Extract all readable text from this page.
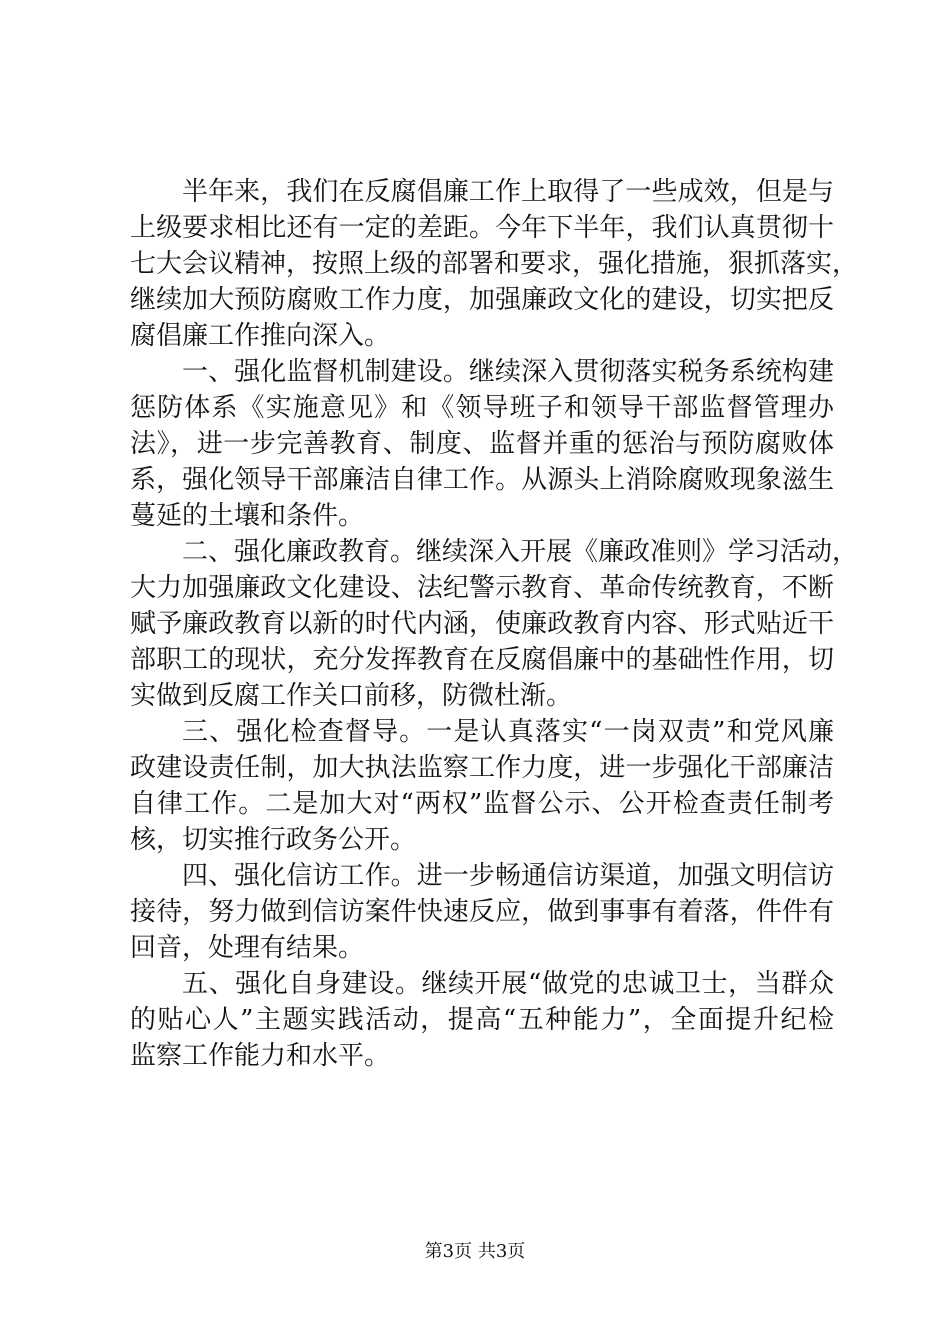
半年来，我们在反腐倡廉工作上取得了一些成效，但是与
上级要求相比还有一定的差距。今年下半年，我们认真贯彻十
七大会议精神，按照上级的部署和要求，强化措施，狠抓落实，
继续加大预防腐败工作力度，加强廉政文化的建设，切实把反
腐倡廉工作推向深入。
一、强化监督机制建设。继续深入贯彻落实税务系统构建
惩防体系《实施意见》和《领导班子和领导干部监督管理办
法》，进一步完善教育、制度、监督并重的惩治与预防腐败体
系，强化领导干部廉洁自律工作。从源头上消除腐败现象滋生
蔓延的土壤和条件。
二、强化廉政教育。继续深入开展《廉政准则》学习活动，
大力加强廉政文化建设、法纪警示教育、革命传统教育，不断
赋予廉政教育以新的时代内涵，使廉政教育内容、形式贴近干
部职工的现状，充分发挥教育在反腐倡廉中的基础性作用，切
实做到反腐工作关口前移，防微杜渐。
三、强化检查督导。一是认真落实“一岗双责”和党风廉
政建设责任制，加大执法监察工作力度，进一步强化干部廉洁
自律工作。二是加大对“两权”监督公示、公开检查责任制考
核，切实推行政务公开。
四、强化信访工作。进一步畅通信访渠道，加强文明信访
接待，努力做到信访案件快速反应，做到事事有着落，件件有
回音，处理有结果。
五、强化自身建设。继续开展“做党的忠诚卫士，当群众
的贴心人”主题实践活动，提高“五种能力”，全面提升纪检
监察工作能力和水平。
第3页 共3页
